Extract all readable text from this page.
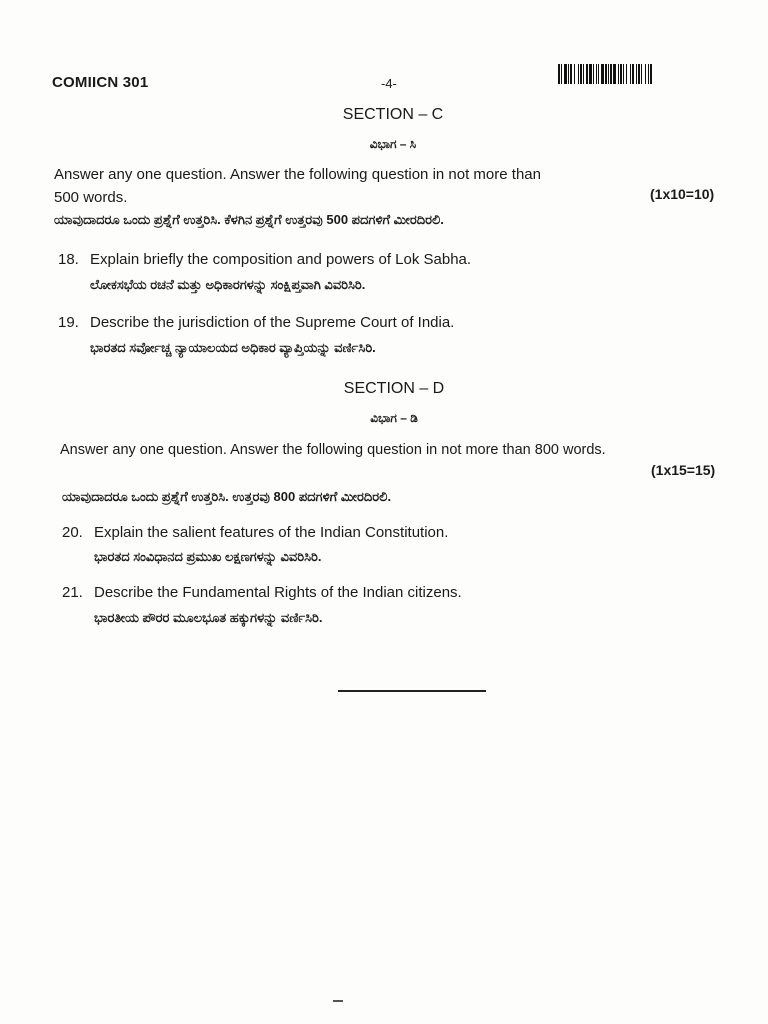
COMIICN 301	-4-
SECTION – C
ವಿಭಾಗ – ಸಿ
Answer any one question. Answer the following question in not more than
500 words.	(1x10=10)
ಯಾವುದಾದರೂ ಒಂದು ಪ್ರಶ್ನೆಗೆ ಉತ್ತರಿಸಿ. ಕೆಳಗಿನ ಪ್ರಶ್ನೆಗೆ ಉತ್ತರವು 500 ಪದಗಳಿಗೆ ಮೀರದಿರಲಿ.
18. Explain briefly the composition and powers of Lok Sabha.
ಲೋಕಸಭೆಯ ರಚನೆ ಮತ್ತು ಅಧಿಕಾರಗಳನ್ನು ಸಂಕ್ಷಿಪ್ತವಾಗಿ ವಿವರಿಸಿರಿ.
19. Describe the jurisdiction of the Supreme Court of India.
ಭಾರತದ ಸರ್ವೋಚ್ಚ ನ್ಯಾಯಾಲಯದ ಅಧಿಕಾರ ವ್ಯಾಪ್ತಿಯನ್ನು ವರ್ಣಿಸಿರಿ.
SECTION – D
ವಿಭಾಗ – ಡಿ
Answer any one question. Answer the following question in not more than 800 words.
(1x15=15)
ಯಾವುದಾದರೂ ಒಂದು ಪ್ರಶ್ನೆಗೆ ಉತ್ತರಿಸಿ. ಉತ್ತರವು 800 ಪದಗಳಿಗೆ ಮೀರದಿರಲಿ.
20. Explain the salient features of the Indian Constitution.
ಭಾರತದ ಸಂವಿಧಾನದ ಪ್ರಮುಖ ಲಕ್ಷಣಗಳನ್ನು ವಿವರಿಸಿರಿ.
21. Describe the Fundamental Rights of the Indian citizens.
ಭಾರತೀಯ ಪೌರರ ಮೂಲಭೂತ ಹಕ್ಕುಗಳನ್ನು ವರ್ಣಿಸಿರಿ.
